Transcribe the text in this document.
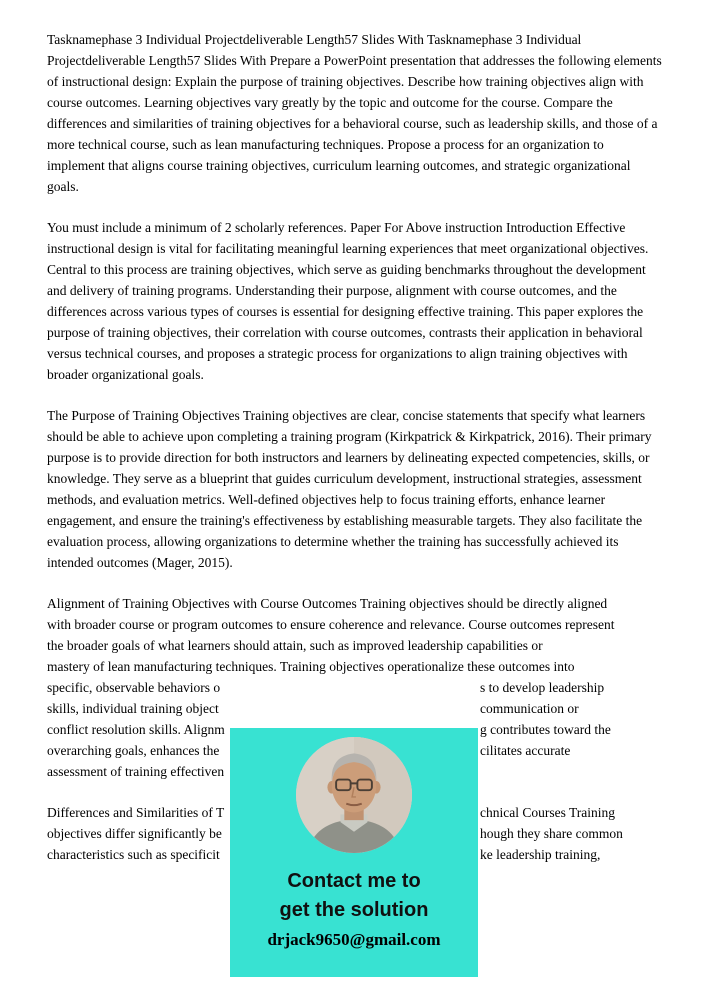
Tasknamephase 3 Individual Projectdeliverable Length57 Slides With Tasknamephase 3 Individual Projectdeliverable Length57 Slides With Prepare a PowerPoint presentation that addresses the following elements of instructional design: Explain the purpose of training objectives. Describe how training objectives align with course outcomes. Learning objectives vary greatly by the topic and outcome for the course. Compare the differences and similarities of training objectives for a behavioral course, such as leadership skills, and those of a more technical course, such as lean manufacturing techniques. Propose a process for an organization to implement that aligns course training objectives, curriculum learning outcomes, and strategic organizational goals.
You must include a minimum of 2 scholarly references. Paper For Above instruction Introduction Effective instructional design is vital for facilitating meaningful learning experiences that meet organizational objectives. Central to this process are training objectives, which serve as guiding benchmarks throughout the development and delivery of training programs. Understanding their purpose, alignment with course outcomes, and the differences across various types of courses is essential for designing effective training. This paper explores the purpose of training objectives, their correlation with course outcomes, contrasts their application in behavioral versus technical courses, and proposes a strategic process for organizations to align training objectives with broader organizational goals.
The Purpose of Training Objectives Training objectives are clear, concise statements that specify what learners should be able to achieve upon completing a training program (Kirkpatrick & Kirkpatrick, 2016). Their primary purpose is to provide direction for both instructors and learners by delineating expected competencies, skills, or knowledge. They serve as a blueprint that guides curriculum development, instructional strategies, assessment methods, and evaluation metrics. Well-defined objectives help to focus training efforts, enhance learner engagement, and ensure the training's effectiveness by establishing measurable targets. They also facilitate the evaluation process, allowing organizations to determine whether the training has successfully achieved its intended outcomes (Mager, 2015).
Alignment of Training Objectives with Course Outcomes Training objectives should be directly aligned
with broader course or program outcomes to ensure coherence and relevance. Course outcomes represent
the broader goals of what learners should attain, such as improved leadership capabilities or
mastery of lean manufacturing techniques. Training objectives operationalize these outcomes into
specific, observable behaviors o	s to develop leadership
skills, individual training object	communication or
conflict resolution skills. Alignm	g contributes toward the
overarching goals, enhances the	cilitates accurate
assessment of training effectiven
Differences and Similarities of T	chnical Courses Training
objectives differ significantly be	hough they share common
characteristics such as specificit	ke leadership training,
Contact me to
get the solution
drjack9650@gmail.com
